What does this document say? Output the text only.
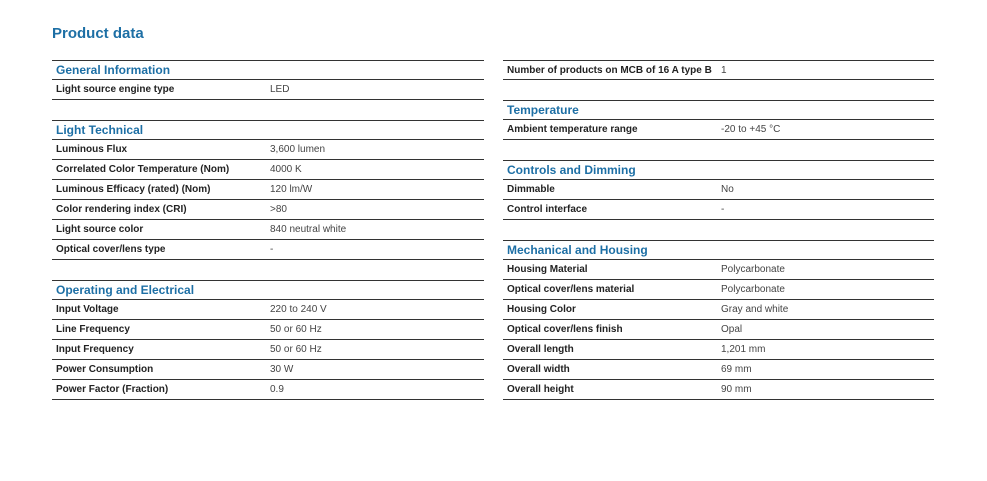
Product data
General Information
Light source engine type	LED
Light Technical
Luminous Flux	3,600 lumen
Correlated Color Temperature (Nom)	4000 K
Luminous Efficacy (rated) (Nom)	120 lm/W
Color rendering index (CRI)	>80
Light source color	840 neutral white
Optical cover/lens type	-
Operating and Electrical
Input Voltage	220 to 240 V
Line Frequency	50 or 60 Hz
Input Frequency	50 or 60 Hz
Power Consumption	30 W
Power Factor (Fraction)	0.9
Number of products on MCB of 16 A type B 1
Temperature
Ambient temperature range	-20 to +45 °C
Controls and Dimming
Dimmable	No
Control interface	-
Mechanical and Housing
Housing Material	Polycarbonate
Optical cover/lens material	Polycarbonate
Housing Color	Gray and white
Optical cover/lens finish	Opal
Overall length	1,201 mm
Overall width	69 mm
Overall height	90 mm
